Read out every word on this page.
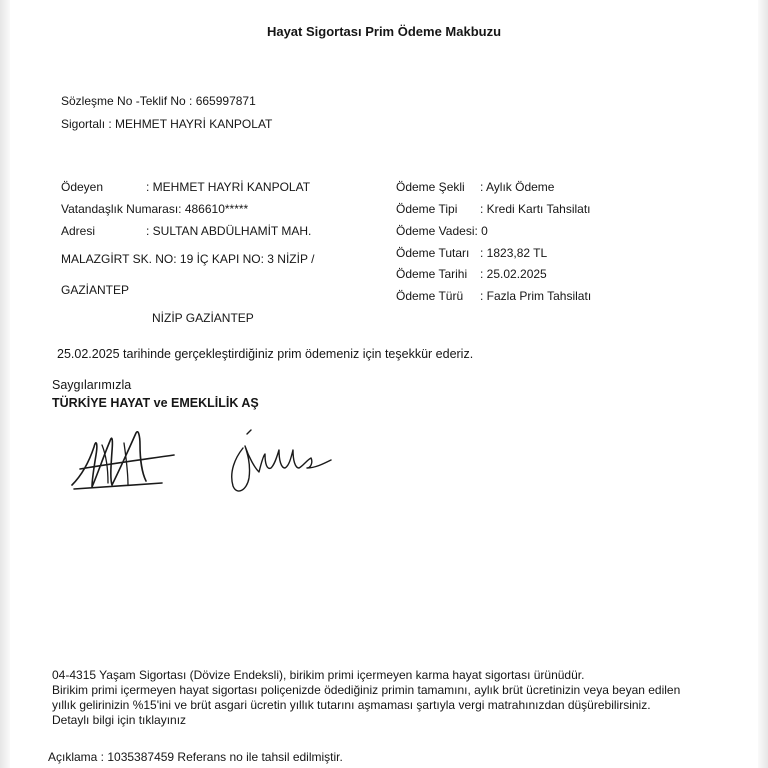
Hayat Sigortası Prim Ödeme Makbuzu
Sözleşme No -Teklif No : 665997871
Sigortalı : MEHMET HAYRİ KANPOLAT
Ödeyen	: MEHMET HAYRİ KANPOLAT
Vatandaşlık Numarası: 486610*****
Adresi	: SULTAN ABDÜLHAMİT MAH.
MALAZGİRT SK. NO: 19 İÇ KAPI NO: 3 NİZİP /
GAZİANTEP
NİZİP GAZİANTEP
Ödeme Şekli : Aylık Ödeme
Ödeme Tipi : Kredi Kartı Tahsilatı
Ödeme Vadesi: 0
Ödeme Tutarı : 1823,82 TL
Ödeme Tarihi : 25.02.2025
Ödeme Türü : Fazla Prim Tahsilatı
25.02.2025 tarihinde gerçekleştirdiğiniz prim ödemeniz için teşekkür ederiz.
Saygılarımızla
TÜRKİYE HAYAT ve EMEKLİLİK AŞ
04-4315 Yaşam Sigortası (Dövize Endeksli), birikim primi içermeyen karma hayat sigortası ürünüdür.
Birikim primi içermeyen hayat sigortası poliçenizde ödediğiniz primin tamamını, aylık brüt ücretinizin veya beyan edilen
yıllık gelirinizin %15'ini ve brüt asgari ücretin yıllık tutarını aşmaması şartıyla vergi matrahınızdan düşürebilirsiniz.
Detaylı bilgi için tıklayınız
Açıklama : 1035387459 Referans no ile tahsil edilmiştir.
